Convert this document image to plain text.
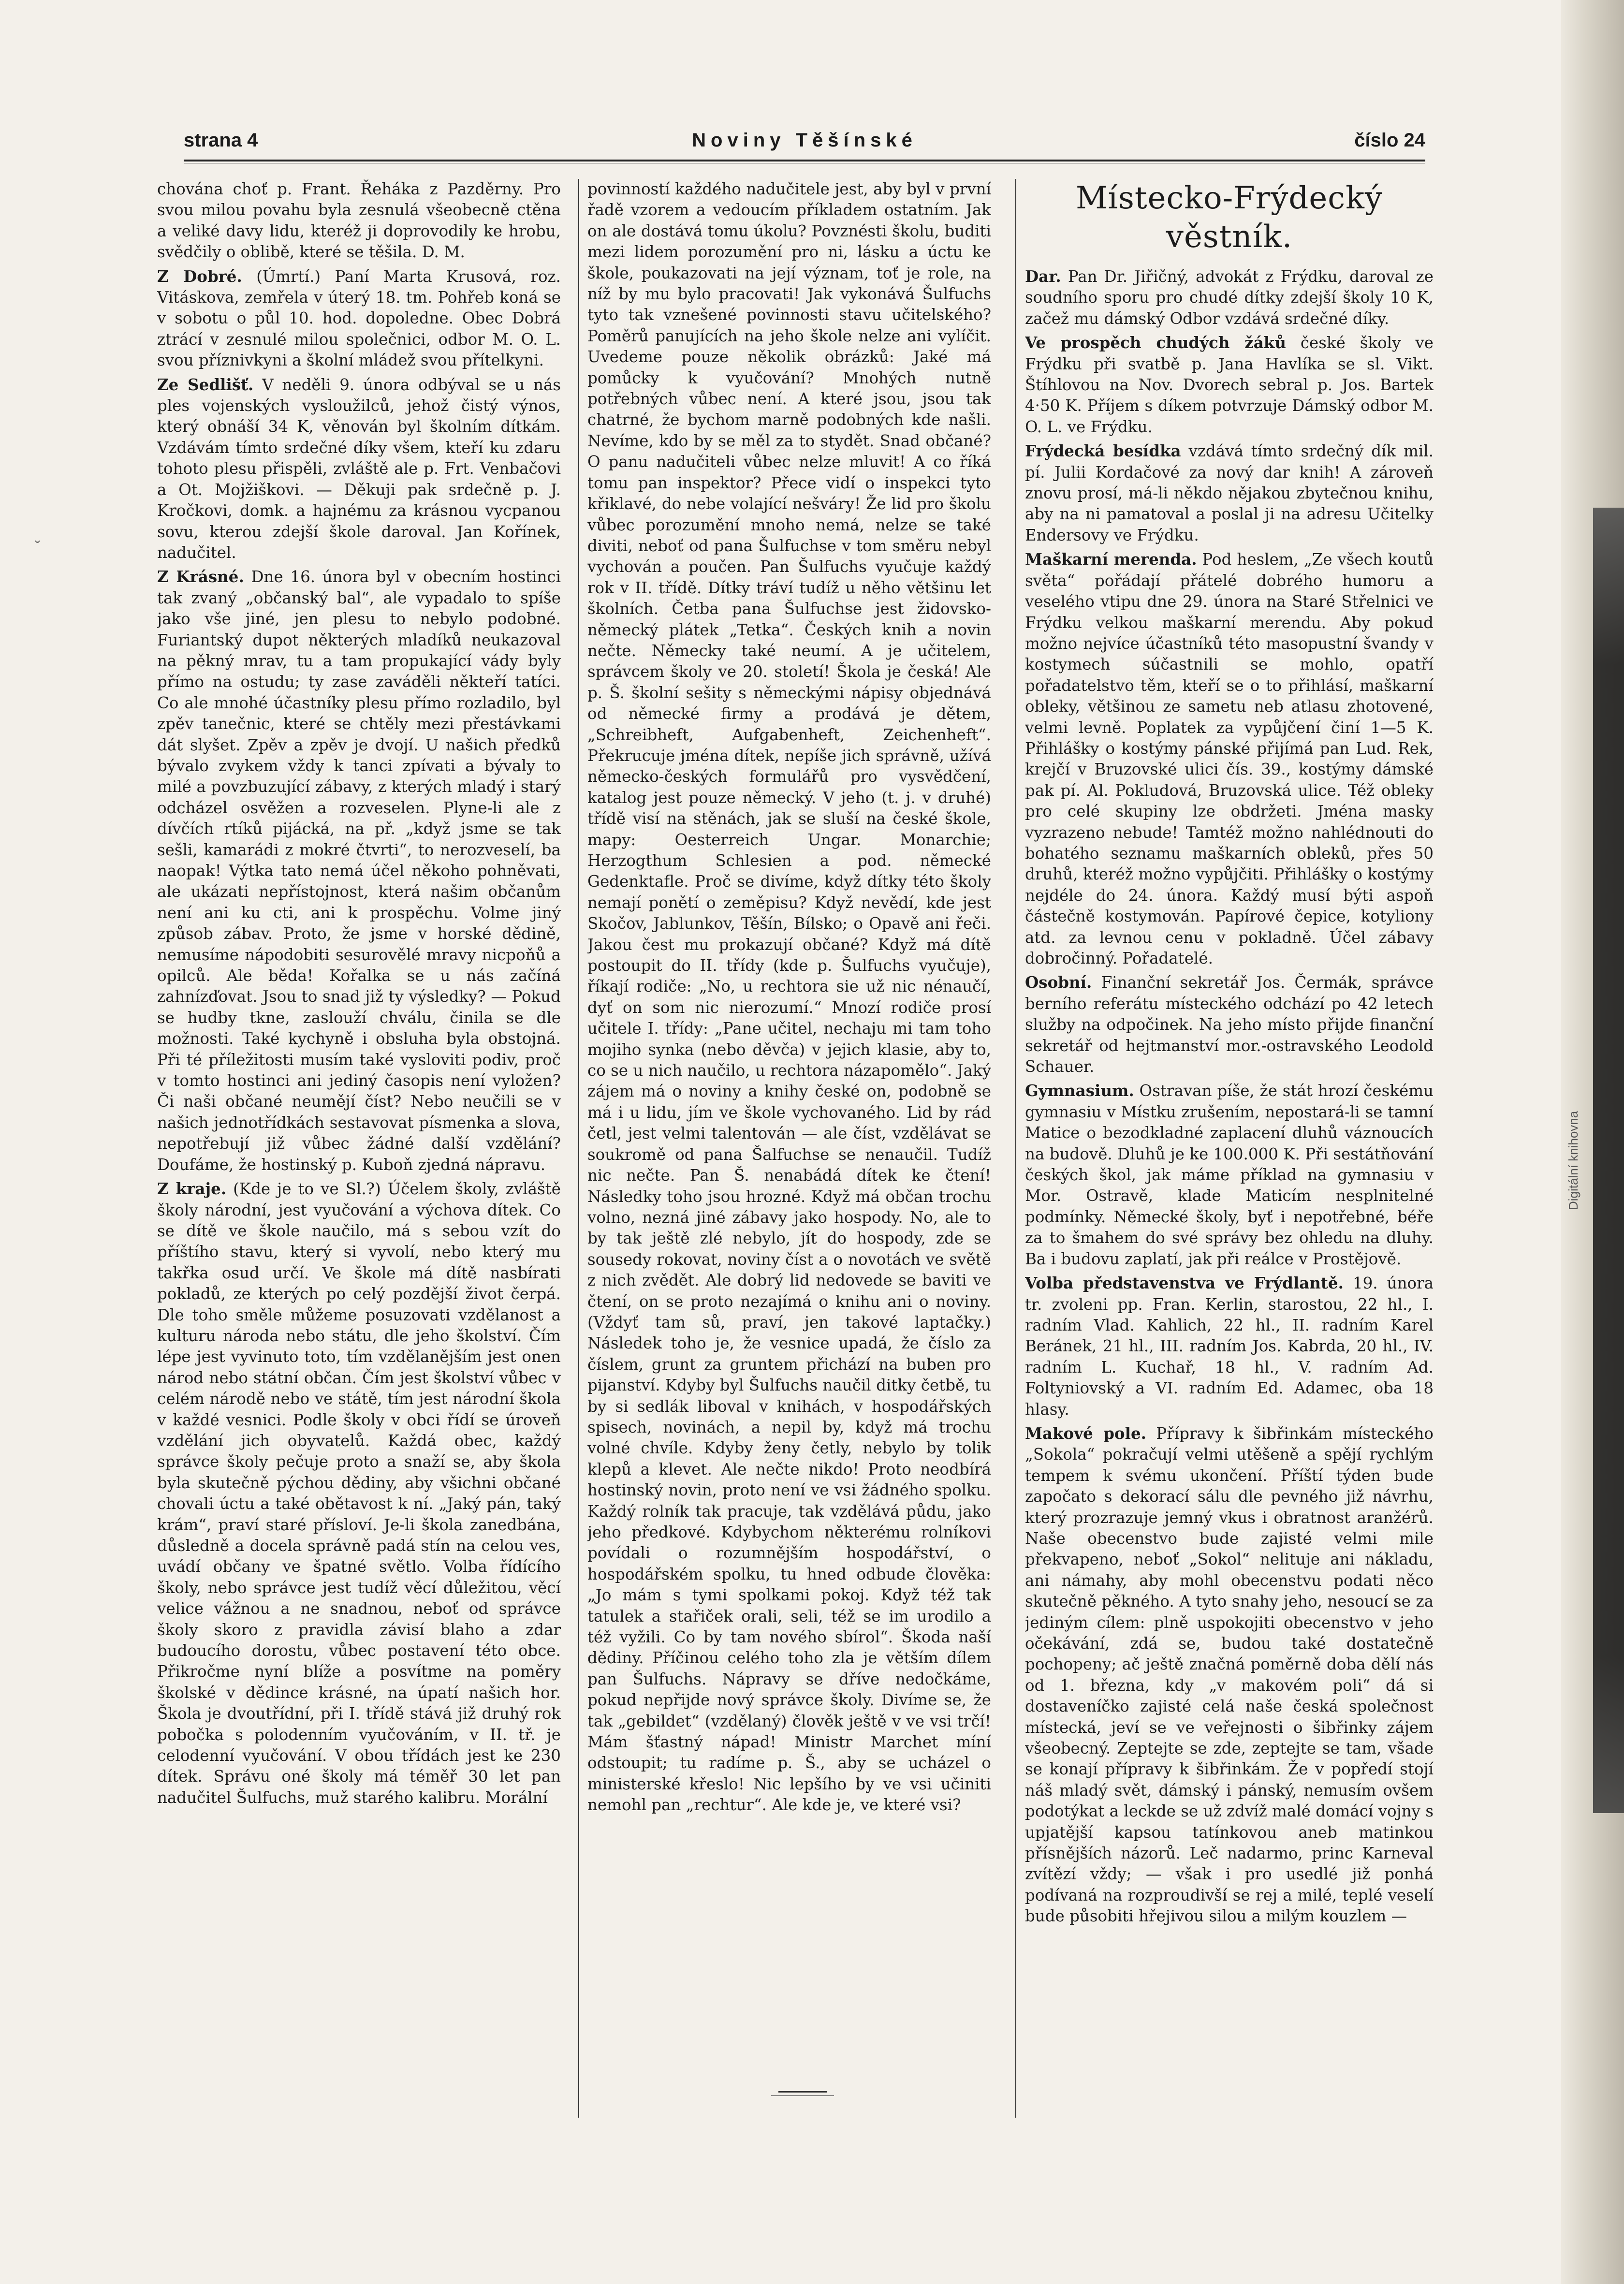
Digitální knihovna
˘
strana 4	Noviny Těšínské	číslo 24

chována choť p. Frant. Řeháka z Pazděrny. Pro svou milou povahu byla zesnulá všeobecně ctěna a veliké davy lidu, kteréž ji doprovodily ke hrobu, svědčily o oblibě, které se těšila. D. M.

Z Dobré. (Úmrtí.) Paní Marta Krusová, roz. Vitáskova, zemřela v úterý 18. tm. Pohřeb koná se v sobotu o půl 10. hod. dopoledne. Obec Dobrá ztrácí v zesnulé milou společnici, odbor M. O. L. svou příznivkyni a školní mládež svou přítelkyni.

Ze Sedlišť. V neděli 9. února odbýval se u nás ples vojenských vysloužilců, jehož čistý výnos, který obnáší 34 K, věnován byl školním dítkám. Vzdávám tímto srdečné díky všem, kteří ku zdaru tohoto plesu přispěli, zvláště ale p. Frt. Venbačovi a Ot. Mojžiškovi. — Děkuji pak srdečně p. J. Kročkovi, domk. a hajnému za krásnou vycpanou sovu, kterou zdejší škole daroval. Jan Kořínek, nadučitel.

Z Krásné. Dne 16. února byl v obecním hostinci tak zvaný „občanský bal“, ale vypadalo to spíše jako vše jiné, jen plesu to nebylo podobné. Furiantský dupot některých mladíků neukazoval na pěkný mrav, tu a tam propukající vády byly přímo na ostudu; ty zase zaváděli někteří tatíci. Co ale mnohé účastníky plesu přímo rozladilo, byl zpěv tanečnic, které se chtěly mezi přestávkami dát slyšet. Zpěv a zpěv je dvojí. U našich předků bývalo zvykem vždy k tanci zpívati a bývaly to milé a povzbuzující zábavy, z kterých mladý i starý odcházel osvěžen a rozveselen. Plyne-li ale z dívčích rtíků pijácká, na př. „když jsme se tak sešli, kamarádi z mokré čtvrti“, to nerozveselí, ba naopak! Výtka tato nemá účel někoho pohněvati, ale ukázati nepřístojnost, která našim občanům není ani ku cti, ani k prospěchu. Volme jiný způsob zábav. Proto, že jsme v horské dědině, nemusíme nápodobiti sesurovělé mravy nicpoňů a opilců. Ale běda! Kořalka se u nás začíná zahnízďovat. Jsou to snad již ty výsledky? — Pokud se hudby tkne, zaslouží chválu, činila se dle možnosti. Také kychyně i obsluha byla obstojná. Při té příležitosti musím také vysloviti podiv, proč v tomto hostinci ani jediný časopis není vyložen? Či naši občané neumějí číst? Nebo neučili se v našich jednotřídkách sestavovat písmenka a slova, nepotřebují již vůbec žádné další vzdělání? Doufáme, že hostinský p. Kuboň zjedná nápravu.

Z kraje. (Kde je to ve Sl.?) Účelem školy, zvláště školy národní, jest vyučování a výchova dítek. Co se dítě ve škole naučilo, má s sebou vzít do příštího stavu, který si vyvolí, nebo který mu takřka osud určí. Ve škole má dítě nasbírati pokladů, ze kterých po celý pozdější život čerpá. Dle toho směle můžeme posuzovati vzdělanost a kulturu národa nebo státu, dle jeho školství. Čím lépe jest vyvinuto toto, tím vzdělanějším jest onen národ nebo státní občan. Čím jest školství vůbec v celém národě nebo ve státě, tím jest národní škola v každé vesnici. Podle školy v obci řídí se úroveň vzdělání jich obyvatelů. Každá obec, každý správce školy pečuje proto a snaží se, aby škola byla skutečně pýchou dědiny, aby všichni občané chovali úctu a také obětavost k ní. „Jaký pán, taký krám“, praví staré přísloví. Je-li škola zanedbána, důsledně a docela správně padá stín na celou ves, uvádí občany ve špatné světlo. Volba řídícího školy, nebo správce jest tudíž věcí důležitou, věcí velice vážnou a ne snadnou, neboť od správce školy skoro z pravidla závisí blaho a zdar budoucího dorostu, vůbec postavení této obce. Přikročme nyní blíže a posvítme na poměry školské v dědince krásné, na úpatí našich hor. Škola je dvoutřídní, při I. třídě stává již druhý rok pobočka s polodenním vyučováním, v II. tř. je celodenní vyučování. V obou třídách jest ke 230 dítek. Správu oné školy má téměř 30 let pan nadučitel Šulfuchs, muž starého kalibru. Morální

povinností každého nadučitele jest, aby byl v první řadě vzorem a vedoucím příkladem ostatním. Jak on ale dostává tomu úkolu? Povznésti školu, buditi mezi lidem porozumění pro ni, lásku a úctu ke škole, poukazovati na její význam, toť je role, na níž by mu bylo pracovati! Jak vykonává Šulfuchs tyto tak vznešené povinnosti stavu učitelského? Poměrů panujících na jeho škole nelze ani vylíčit. Uvedeme pouze několik obrázků: Jaké má pomůcky k vyučování? Mnohých nutně potřebných vůbec není. A které jsou, jsou tak chatrné, že bychom marně podobných kde našli. Nevíme, kdo by se měl za to stydět. Snad občané? O panu nadučiteli vůbec nelze mluvit! A co říká tomu pan inspektor? Přece vidí o inspekci tyto křiklavé, do nebe volající nešváry! Že lid pro školu vůbec porozumění mnoho nemá, nelze se také diviti, neboť od pana Šulfuchse v tom směru nebyl vychován a poučen. Pan Šulfuchs vyučuje každý rok v II. třídě. Dítky tráví tudíž u něho většinu let školních. Četba pana Šulfuchse jest židovsko-německý plátek „Tetka“. Českých knih a novin nečte. Německy také neumí. A je učitelem, správcem školy ve 20. století! Škola je česká! Ale p. Š. školní sešity s německými nápisy objednává od německé firmy a prodává je dětem, „Schreibheft, Aufgabenheft, Zeichenheft“. Překrucuje jména dítek, nepíše jich správně, užívá německo-českých formulářů pro vysvědčení, katalog jest pouze německý. V jeho (t. j. v druhé) třídě visí na stěnách, jak se sluší na české škole, mapy: Oesterreich Ungar. Monarchie; Herzogthum Schlesien a pod. německé Gedenktafle. Proč se divíme, když dítky této školy nemají ponětí o zeměpisu? Když nevědí, kde jest Skočov, Jablunkov, Těšín, Bílsko; o Opavě ani řeči. Jakou čest mu prokazují občané? Když má dítě postoupit do II. třídy (kde p. Šulfuchs vyučuje), říkají rodiče: „No, u rechtora sie už nic nénaučí, dyť on som nic nierozumí.“ Mnozí rodiče prosí učitele I. třídy: „Pane učitel, nechaju mi tam toho mojiho synka (nebo děvča) v jejich klasie, aby to, co se u nich naučilo, u rechtora názapomělo“. Jaký zájem má o noviny a knihy české on, podobně se má i u lidu, jím ve škole vychovaného. Lid by rád četl, jest velmi talentován — ale číst, vzdělávat se soukromě od pana Šalfuchse se nenaučil. Tudíž nic nečte. Pan Š. nenabádá dítek ke čtení! Následky toho jsou hrozné. Když má občan trochu volno, nezná jiné zábavy jako hospody. No, ale to by tak ještě zlé nebylo, jít do hospody, zde se sousedy rokovat, noviny číst a o novotách ve světě z nich zvědět. Ale dobrý lid nedovede se baviti ve čtení, on se proto nezajímá o knihu ani o noviny. (Vždyť tam sů, praví, jen takové laptačky.) Následek toho je, že vesnice upadá, že číslo za číslem, grunt za gruntem přichází na buben pro pijanství. Kdyby byl Šulfuchs naučil ditky četbě, tu by si sedlák liboval v knihách, v hospodářských spisech, novinách, a nepil by, když má trochu volné chvíle. Kdyby ženy četly, nebylo by tolik klepů a klevet. Ale nečte nikdo! Proto neodbírá hostinský novin, proto není ve vsi žádného spolku. Každý rolník tak pracuje, tak vzdělává půdu, jako jeho předkové. Kdybychom některému rolníkovi povídali o rozumnějším hospodářství, o hospodářském spolku, tu hned odbude člověka: „Jo mám s tymi spolkami pokoj. Když též tak tatulek a stařiček orali, seli, též se im urodilo a též vyžili. Co by tam nového sbírol“. Škoda naší dědiny. Příčinou celého toho zla je větším dílem pan Šulfuchs. Nápravy se dříve nedočkáme, pokud nepřijde nový správce školy. Divíme se, že tak „gebildet“ (vzdělaný) člověk ještě v ve vsi trčí! Mám šťastný nápad! Ministr Marchet míní odstoupit; tu radíme p. Š., aby se ucházel o ministerské křeslo! Nic lepšího by ve vsi učiniti nemohl pan „rechtur“. Ale kde je, ve které vsi?

Místecko-Frýdecký věstník.

Dar. Pan Dr. Jiřičný, advokát z Frýdku, daroval ze soudního sporu pro chudé dítky zdejší školy 10 K, začež mu dámský Odbor vzdává srdečné díky.

Ve prospěch chudých žáků české školy ve Frýdku při svatbě p. Jana Havlíka se sl. Vikt. Štíhlovou na Nov. Dvorech sebral p. Jos. Bartek 4·50 K. Příjem s díkem potvrzuje Dámský odbor M. O. L. ve Frýdku.

Frýdecká besídka vzdává tímto srdečný dík mil. pí. Julii Kordačové za nový dar knih! A zároveň znovu prosí, má-li někdo nějakou zbytečnou knihu, aby na ni pamatoval a poslal ji na adresu Učitelky Endersovy ve Frýdku.

Maškarní merenda. Pod heslem, „Ze všech koutů světa“ pořádají přátelé dobrého humoru a veselého vtipu dne 29. února na Staré Střelnici ve Frýdku velkou maškarní merendu. Aby pokud možno nejvíce účastníků této masopustní švandy v kostymech súčastnili se mohlo, opatří pořadatelstvo těm, kteří se o to přihlásí, maškarní obleky, většinou ze sametu neb atlasu zhotovené, velmi levně. Poplatek za vypůjčení činí 1—5 K. Přihlášky o kostýmy pánské přijímá pan Lud. Rek, krejčí v Bruzovské ulici čís. 39., kostýmy dámské pak pí. Al. Pokludová, Bruzovská ulice. Též obleky pro celé skupiny lze obdržeti. Jména masky vyzrazeno nebude! Tamtéž možno nahlédnouti do bohatého seznamu maškarních obleků, přes 50 druhů, kteréž možno vypůjčiti. Přihlášky o kostýmy nejdéle do 24. února. Každý musí býti aspoň částečně kostymován. Papírové čepice, kotyliony atd. za levnou cenu v pokladně. Účel zábavy dobročinný. Pořadatelé.

Osobní. Finanční sekretář Jos. Čermák, správce berního referátu místeckého odchází po 42 letech služby na odpočinek. Na jeho místo přijde finanční sekretář od hejtmanství mor.-ostravského Leodold Schauer.

Gymnasium. Ostravan píše, že stát hrozí českému gymnasiu v Místku zrušením, nepostará-li se tamní Matice o bezodkladné zaplacení dluhů váznoucích na budově. Dluhů je ke 100.000 K. Při sestátňování českých škol, jak máme příklad na gymnasiu v Mor. Ostravě, klade Maticím nesplnitelné podmínky. Německé školy, byť i nepotřebné, béře za to šmahem do své správy bez ohledu na dluhy. Ba i budovu zaplatí, jak při reálce v Prostějově.

Volba představenstva ve Frýdlantě. 19. února tr. zvoleni pp. Fran. Kerlin, starostou, 22 hl., I. radním Vlad. Kahlich, 22 hl., II. radním Karel Beránek, 21 hl., III. radním Jos. Kabrda, 20 hl., IV. radním L. Kuchař, 18 hl., V. radním Ad. Foltyniovský a VI. radním Ed. Adamec, oba 18 hlasy.

Makové pole. Přípravy k šibřinkám místeckého „Sokola“ pokračují velmi utěšeně a spějí rychlým tempem k svému ukončení. Příští týden bude započato s dekorací sálu dle pevného již návrhu, který prozrazuje jemný vkus i obratnost aranžérů. Naše obecenstvo bude zajisté velmi mile překvapeno, neboť „Sokol“ nelituje ani nákladu, ani námahy, aby mohl obecenstvu podati něco skutečně pěkného. A tyto snahy jeho, nesoucí se za jediným cílem: plně uspokojiti obecenstvo v jeho očekávání, zdá se, budou také dostatečně pochopeny; ač ještě značná poměrně doba dělí nás od 1. března, kdy „v makovém poli“ dá si dostaveníčko zajisté celá naše česká společnost místecká, jeví se ve veřejnosti o šibřinky zájem všeobecný. Zeptejte se zde, zeptejte se tam, všade se konají přípravy k šibřinkám. Že v popředí stojí náš mladý svět, dámský i pánský, nemusím ovšem podotýkat a leckde se už zdvíž malé domácí vojny s upjatější kapsou tatínkovou aneb matinkou přísnějších názorů. Leč nadarmo, princ Karneval zvítězí vždy; — však i pro usedlé již ponhá podívaná na rozproudivší se rej a milé, teplé veselí bude působiti hřejivou silou a milým kouzlem —
